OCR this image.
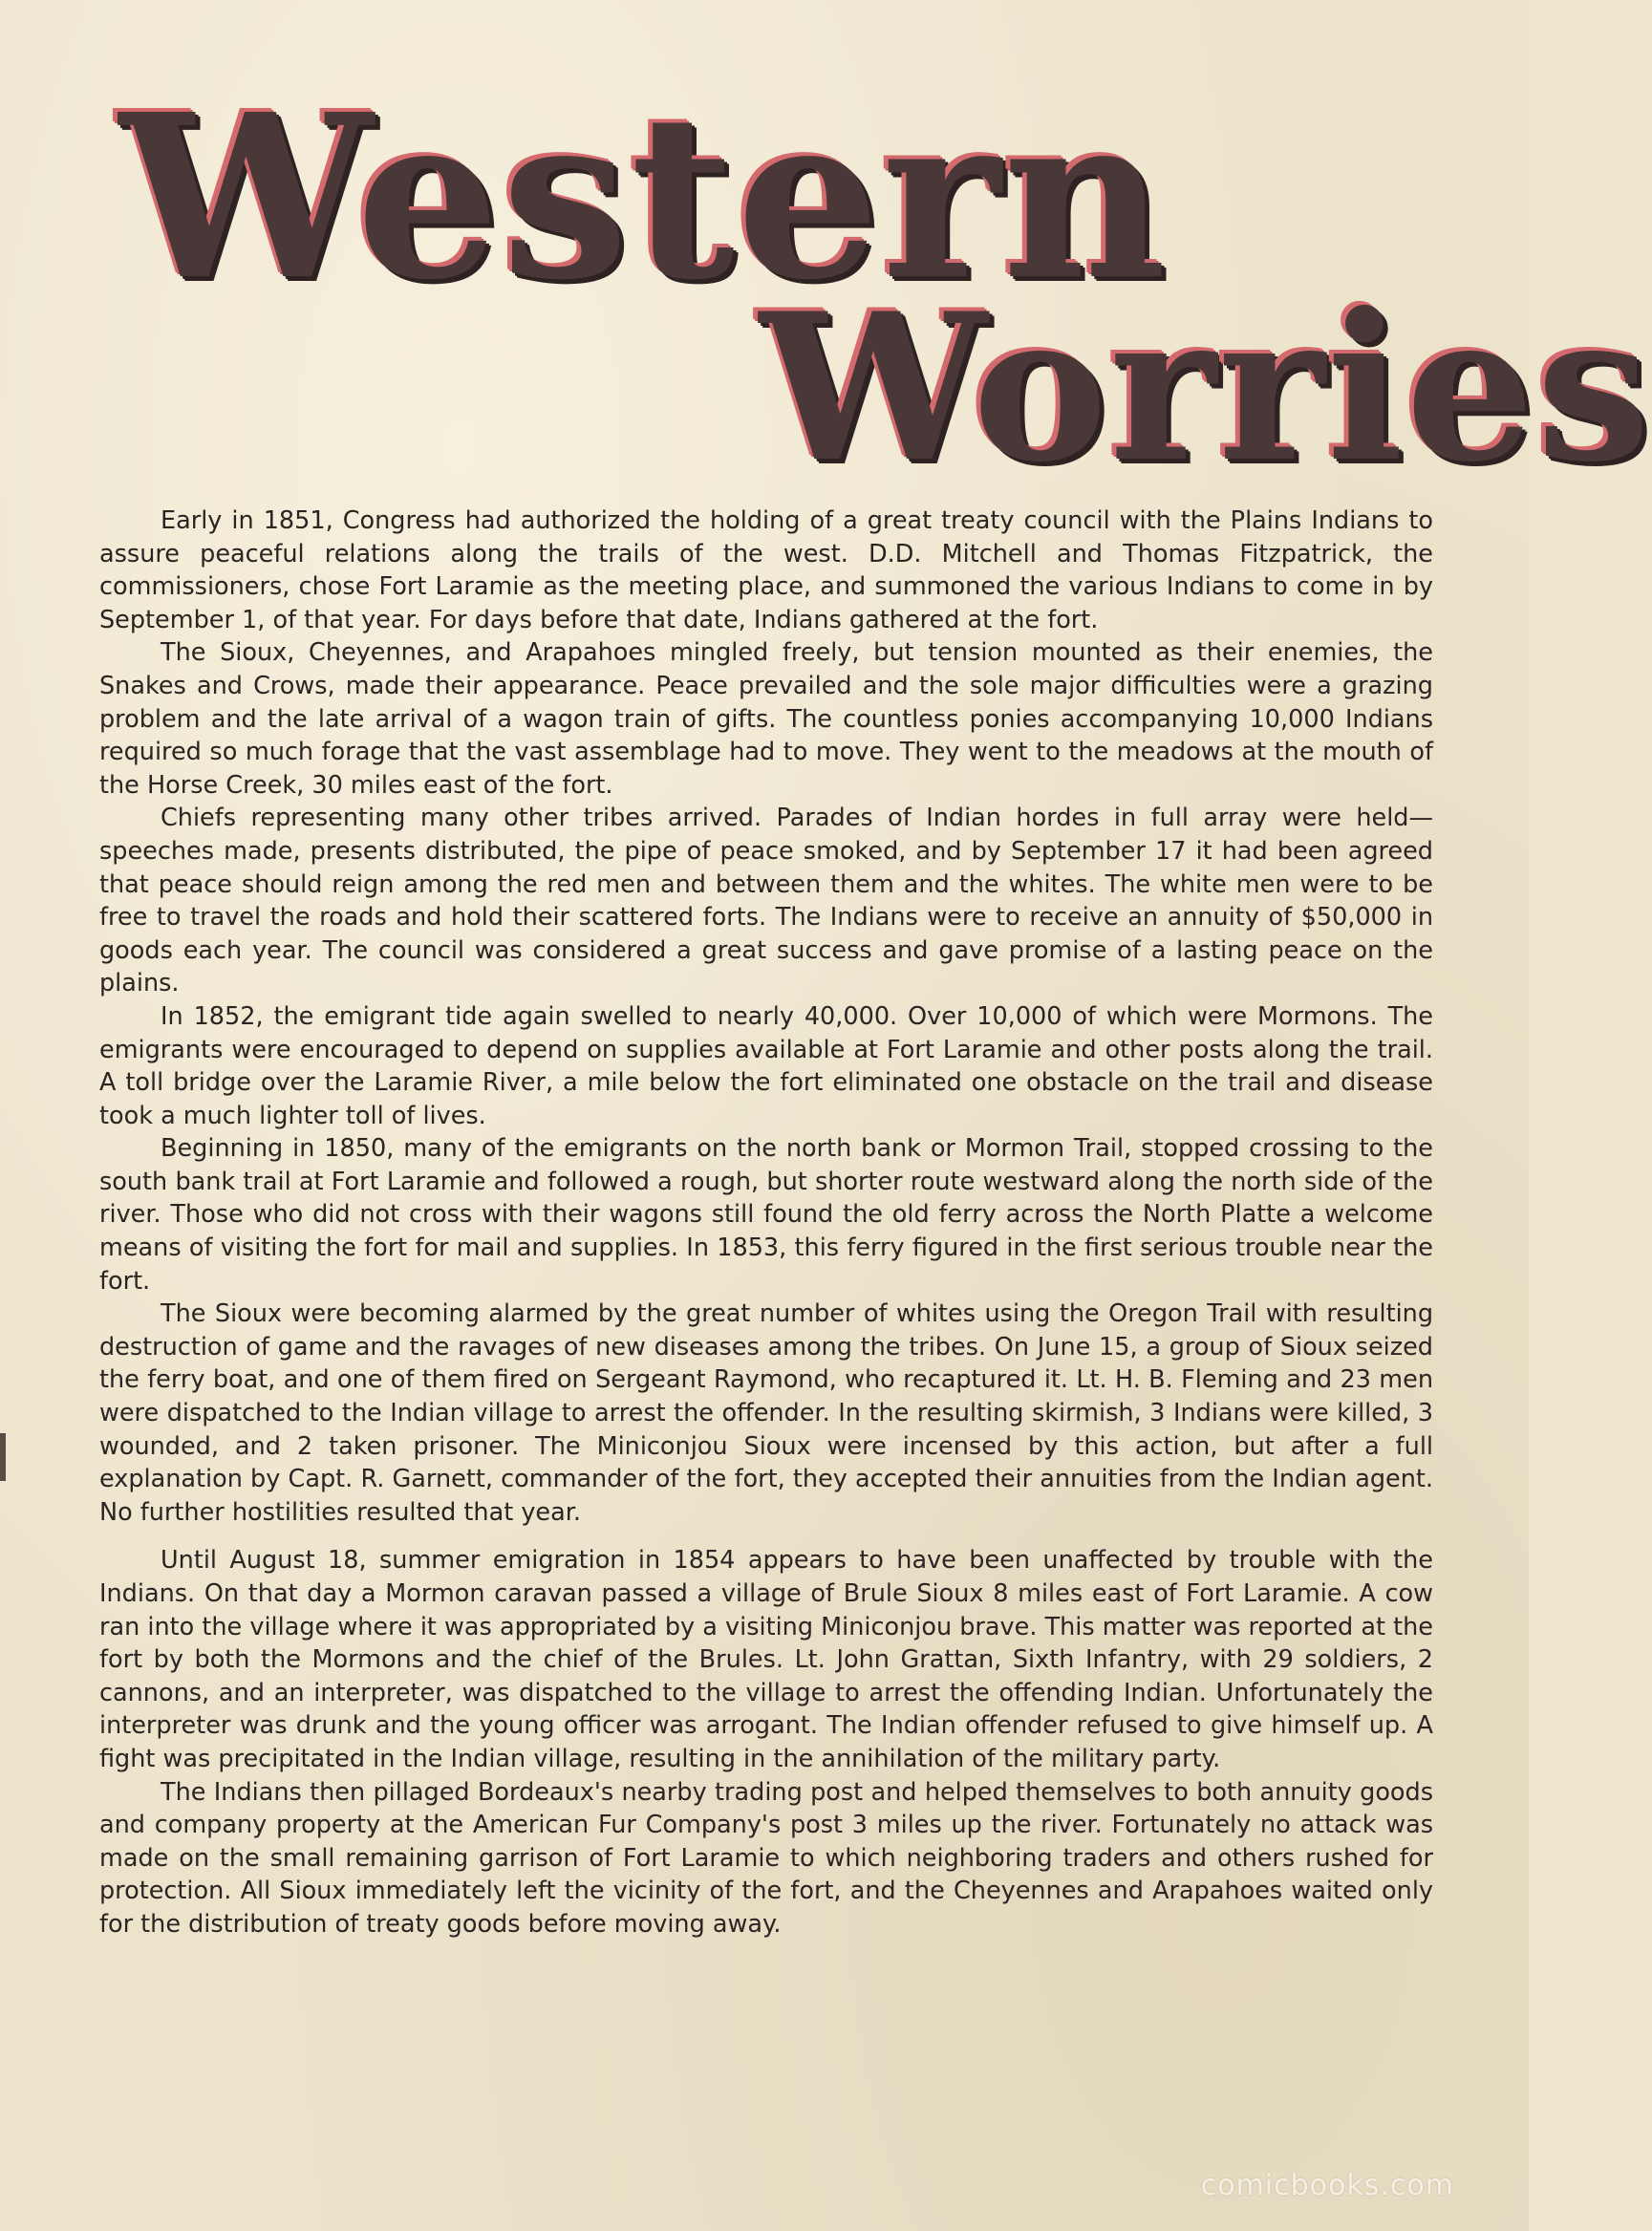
Western
Worries

Early in 1851, Congress had authorized the holding of a great treaty council with the Plains Indians to assure peaceful relations along the trails of the west. D.D. Mitchell and Thomas Fitzpatrick, the commissioners, chose Fort Laramie as the meeting place, and summoned the various Indians to come in by September 1, of that year. For days before that date, Indians gathered at the fort.

The Sioux, Cheyennes, and Arapahoes mingled freely, but tension mounted as their enemies, the Snakes and Crows, made their appearance. Peace prevailed and the sole major difficulties were a grazing problem and the late arrival of a wagon train of gifts. The countless ponies accompanying 10,000 Indians required so much forage that the vast assemblage had to move. They went to the meadows at the mouth of the Horse Creek, 30 miles east of the fort.

Chiefs representing many other tribes arrived. Parades of Indian hordes in full array were held—speeches made, presents distributed, the pipe of peace smoked, and by September 17 it had been agreed that peace should reign among the red men and between them and the whites. The white men were to be free to travel the roads and hold their scattered forts. The Indians were to receive an annuity of $50,000 in goods each year. The council was considered a great success and gave promise of a lasting peace on the plains.

In 1852, the emigrant tide again swelled to nearly 40,000. Over 10,000 of which were Mormons. The emigrants were encouraged to depend on supplies available at Fort Laramie and other posts along the trail. A toll bridge over the Laramie River, a mile below the fort eliminated one obstacle on the trail and disease took a much lighter toll of lives.

Beginning in 1850, many of the emigrants on the north bank or Mormon Trail, stopped crossing to the south bank trail at Fort Laramie and followed a rough, but shorter route westward along the north side of the river. Those who did not cross with their wagons still found the old ferry across the North Platte a welcome means of visiting the fort for mail and supplies. In 1853, this ferry figured in the first serious trouble near the fort.

The Sioux were becoming alarmed by the great number of whites using the Oregon Trail with resulting destruction of game and the ravages of new diseases among the tribes. On June 15, a group of Sioux seized the ferry boat, and one of them fired on Sergeant Raymond, who recaptured it. Lt. H. B. Fleming and 23 men were dispatched to the Indian village to arrest the offender. In the resulting skirmish, 3 Indians were killed, 3 wounded, and 2 taken prisoner. The Miniconjou Sioux were incensed by this action, but after a full explanation by Capt. R. Garnett, commander of the fort, they accepted their annuities from the Indian agent. No further hostilities resulted that year.

Until August 18, summer emigration in 1854 appears to have been unaffected by trouble with the Indians. On that day a Mormon caravan passed a village of Brule Sioux 8 miles east of Fort Laramie. A cow ran into the village where it was appropriated by a visiting Miniconjou brave. This matter was reported at the fort by both the Mormons and the chief of the Brules. Lt. John Grattan, Sixth Infantry, with 29 soldiers, 2 cannons, and an interpreter, was dispatched to the village to arrest the offending Indian. Unfortunately the interpreter was drunk and the young officer was arrogant. The Indian offender refused to give himself up. A fight was precipitated in the Indian village, resulting in the annihilation of the military party.

The Indians then pillaged Bordeaux's nearby trading post and helped themselves to both annuity goods and company property at the American Fur Company's post 3 miles up the river. Fortunately no attack was made on the small remaining garrison of Fort Laramie to which neighboring traders and others rushed for protection. All Sioux immediately left the vicinity of the fort, and the Cheyennes and Arapahoes waited only for the distribution of treaty goods before moving away.

comicbooks.com
